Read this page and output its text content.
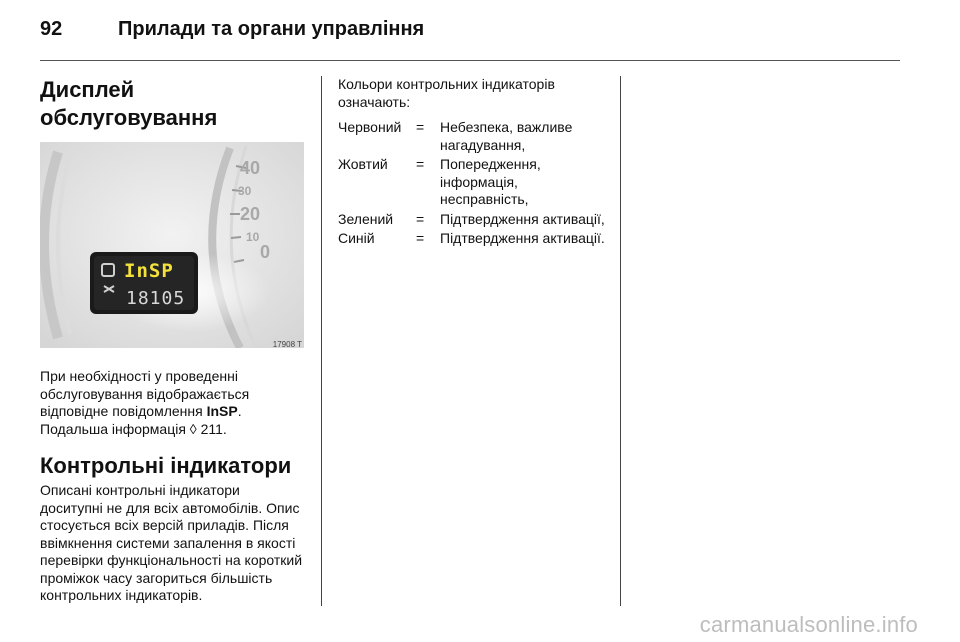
92	Прилади та органи управління
Дисплей обслуговування
InSP
18105
40
30
20
10
0
17908 T

При необхідності у проведенні обслуговування відображається відповідне повідомлення InSP.
Подальша інформація ◊ 211.

Контрольні індикатори

Описані контрольні індикатори доситупні не для всіх автомобілів. Опис стосується всіх версій приладів. Після ввімкнення системи запалення в якості перевірки функціональності на короткий проміжок часу загориться більшість контрольних індикаторів.

Кольори контрольних індикаторів означають:

Червоний	=	Небезпека, важливе нагадування,
Жовтий	=	Попередження, інформація, несправність,
Зелений	=	Підтвердження активації,
Синій	=	Підтвердження активації.
carmanualsonline.info
